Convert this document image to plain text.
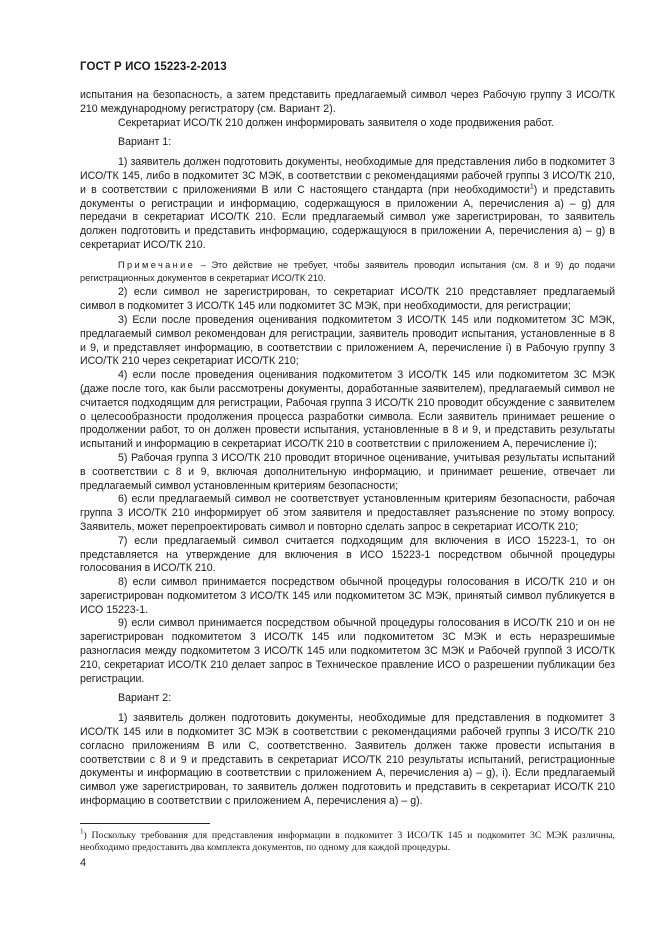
ГОСТ Р ИСО 15223-2-2013

испытания на безопасность, а затем представить предлагаемый символ через Рабочую группу 3 ИСО/ТК 210 международному регистратору (см. Вариант 2).

Секретариат ИСО/ТК 210 должен информировать заявителя о ходе продвижения работ.

Вариант 1:

1) заявитель должен подготовить документы, необходимые для представления либо в подкомитет 3 ИСО/ТК 145, либо в подкомитет 3С МЭК, в соответствии с рекомендациями рабочей группы 3 ИСО/ТК 210, и в соответствии с приложениями В или С настоящего стандарта (при необходимости$^1$) и представить документы о регистрации и информацию, содержащуюся в приложении А, перечисления а) – g) для передачи в секретариат ИСО/ТК 210. Если предлагаемый символ уже зарегистрирован, то заявитель должен подготовить и представить информацию, содержащуюся в приложении А, перечисления а) – g) в секретариат ИСО/ТК 210.

Примечание – Это действие не требует, чтобы заявитель проводил испытания (см. 8 и 9) до подачи регистрационных документов в секретариат ИСО/ТК 210.

2) если символ не зарегистрирован, то секретариат ИСО/ТК 210 представляет предлагаемый символ в подкомитет 3 ИСО/ТК 145 или подкомитет 3С МЭК, при необходимости, для регистрации;

3) Если после проведения оценивания подкомитетом 3 ИСО/ТК 145 или подкомитетом 3С МЭК, предлагаемый символ рекомендован для регистрации, заявитель проводит испытания, установленные в 8 и 9, и представляет информацию, в соответствии с приложением А, перечисление i) в Рабочую группу 3 ИСО/ТК 210 через секретариат ИСО/ТК 210;

4) если после проведения оценивания подкомитетом 3 ИСО/ТК 145 или подкомитетом 3С МЭК (даже после того, как были рассмотрены документы, доработанные заявителем), предлагаемый символ не считается подходящим для регистрации, Рабочая группа 3 ИСО/ТК 210 проводит обсуждение с заявителем о целесообразности продолжения процесса разработки символа. Если заявитель принимает решение о продолжении работ, то он должен провести испытания, установленные в 8 и 9, и представить результаты испытаний и информацию в секретариат ИСО/ТК 210 в соответствии с приложением А, перечисление i);

5) Рабочая группа 3 ИСО/ТК 210 проводит вторичное оценивание, учитывая результаты испытаний в соответствии с 8 и 9, включая дополнительную информацию, и принимает решение, отвечает ли предлагаемый символ установленным критериям безопасности;

6) если предлагаемый символ не соответствует установленным критериям безопасности, рабочая группа 3 ИСО/ТК 210 информирует об этом заявителя и предоставляет разъяснение по этому вопросу. Заявитель, может перепроектировать символ и повторно сделать запрос в секретариат ИСО/ТК 210;

7) если предлагаемый символ считается подходящим для включения в ИСО 15223-1, то он представляется на утверждение для включения в ИСО 15223-1 посредством обычной процедуры голосования в ИСО/ТК 210.

8) если символ принимается посредством обычной процедуры голосования в ИСО/ТК 210 и он зарегистрирован подкомитетом 3 ИСО/ТК 145 или подкомитетом 3С МЭК, принятый символ публикуется в ИСО 15223-1.

9) если символ принимается посредством обычной процедуры голосования в ИСО/ТК 210 и он не зарегистрирован подкомитетом 3 ИСО/ТК 145 или подкомитетом 3С МЭК и есть неразрешимые разногласия между подкомитетом 3 ИСО/ТК 145 или подкомитетом 3С МЭК и Рабочей группой 3 ИСО/ТК 210, секретариат ИСО/ТК 210 делает запрос в Техническое правление ИСО о разрешении публикации без регистрации.

Вариант 2:

1) заявитель должен подготовить документы, необходимые для представления в подкомитет 3 ИСО/ТК 145 или в подкомитет 3С МЭК в соответствии с рекомендациями рабочей группы 3 ИСО/ТК 210 согласно приложениям В или С, соответственно. Заявитель должен также провести испытания в соответствии с 8 и 9 и представить в секретариат ИСО/ТК 210 результаты испытаний, регистрационные документы и информацию в соответствии с приложением А, перечисления а) – g), i). Если предлагаемый символ уже зарегистрирован, то заявитель должен подготовить и представить в секретариат ИСО/ТК 210 информацию в соответствии с приложением А, перечисления а) – g).

$^1$) Поскольку требования для представления информации в подкомитет 3 ИСО/ТК 145 и подкомитет 3С МЭК различны, необходимо предоставить два комплекта документов, по одному для каждой процедуры.
4
